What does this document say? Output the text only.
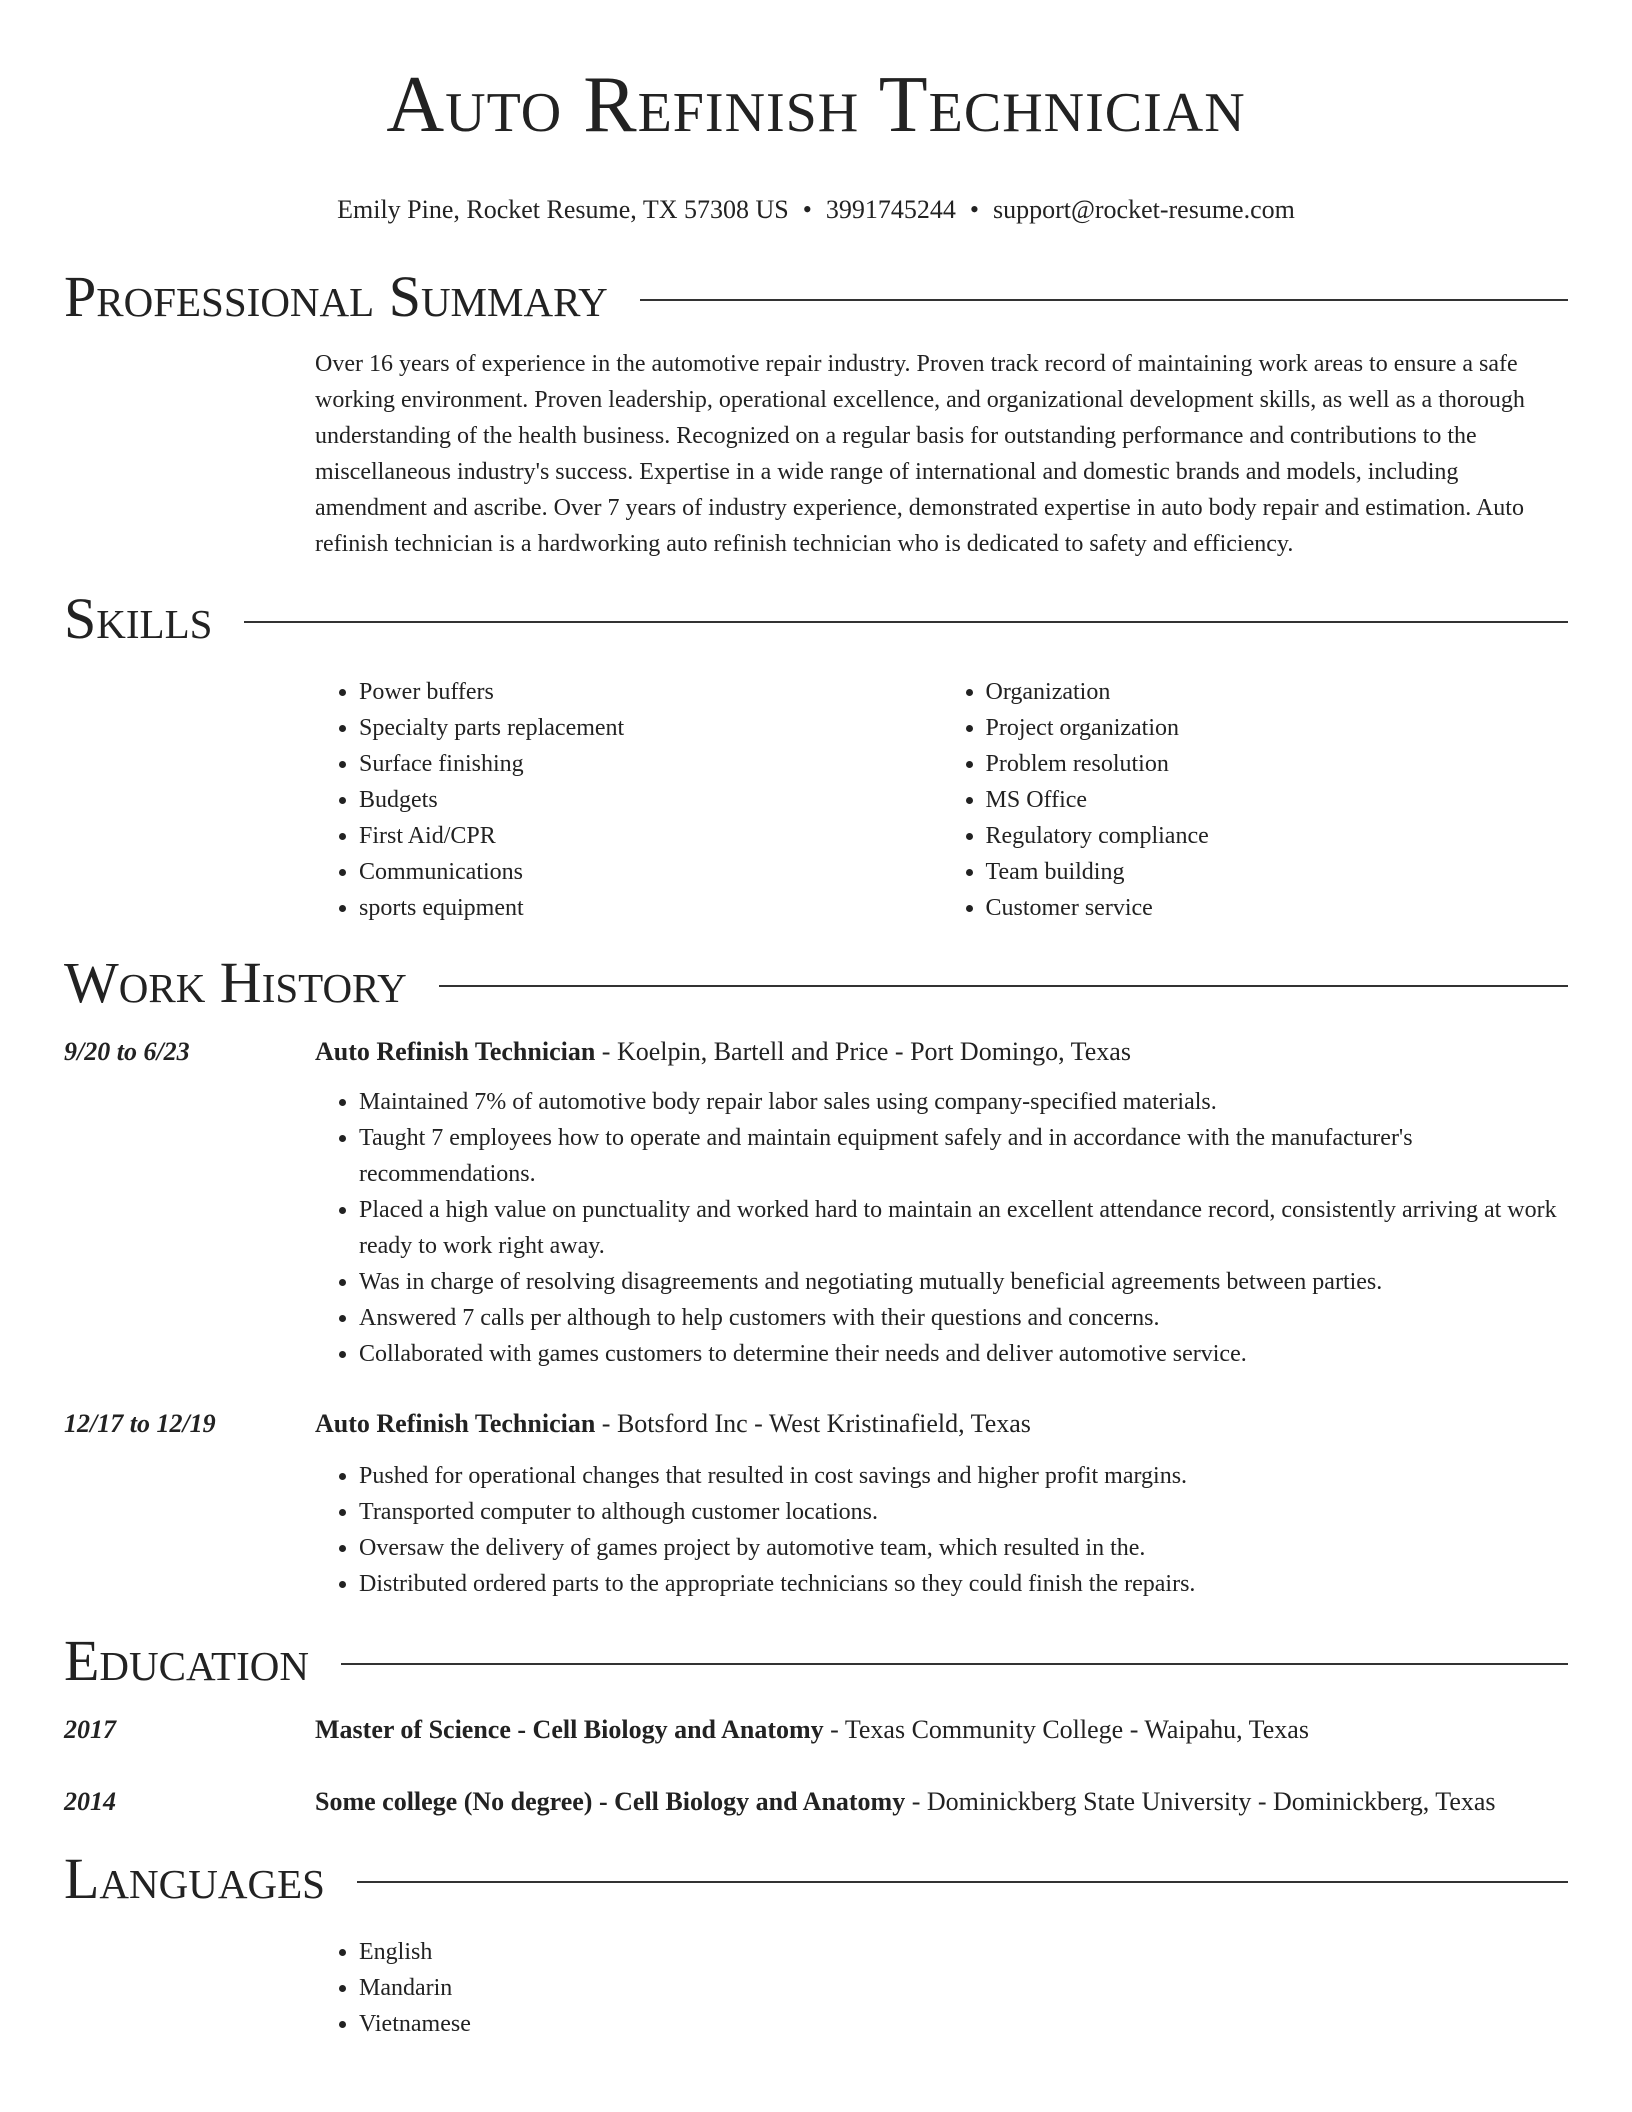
Auto Refinish Technician
Emily Pine, Rocket Resume, TX 57308 US • 3991745244 • support@rocket-resume.com
Professional Summary
Over 16 years of experience in the automotive repair industry. Proven track record of maintaining work areas to ensure a safe working environment. Proven leadership, operational excellence, and organizational development skills, as well as a thorough understanding of the health business. Recognized on a regular basis for outstanding performance and contributions to the miscellaneous industry's success. Expertise in a wide range of international and domestic brands and models, including amendment and ascribe. Over 7 years of industry experience, demonstrated expertise in auto body repair and estimation. Auto refinish technician is a hardworking auto refinish technician who is dedicated to safety and efficiency.
Skills
• Power buffers
• Specialty parts replacement
• Surface finishing
• Budgets
• First Aid/CPR
• Communications
• sports equipment
• Organization
• Project organization
• Problem resolution
• MS Office
• Regulatory compliance
• Team building
• Customer service
Work History
9/20 to 6/23	Auto Refinish Technician - Koelpin, Bartell and Price - Port Domingo, Texas
• Maintained 7% of automotive body repair labor sales using company-specified materials.
• Taught 7 employees how to operate and maintain equipment safely and in accordance with the manufacturer's recommendations.
• Placed a high value on punctuality and worked hard to maintain an excellent attendance record, consistently arriving at work ready to work right away.
• Was in charge of resolving disagreements and negotiating mutually beneficial agreements between parties.
• Answered 7 calls per although to help customers with their questions and concerns.
• Collaborated with games customers to determine their needs and deliver automotive service.
12/17 to 12/19	Auto Refinish Technician - Botsford Inc - West Kristinafield, Texas
• Pushed for operational changes that resulted in cost savings and higher profit margins.
• Transported computer to although customer locations.
• Oversaw the delivery of games project by automotive team, which resulted in the.
• Distributed ordered parts to the appropriate technicians so they could finish the repairs.
Education
2017	Master of Science - Cell Biology and Anatomy - Texas Community College - Waipahu, Texas
2014	Some college (No degree) - Cell Biology and Anatomy - Dominickberg State University - Dominickberg, Texas
Languages
• English
• Mandarin
• Vietnamese
